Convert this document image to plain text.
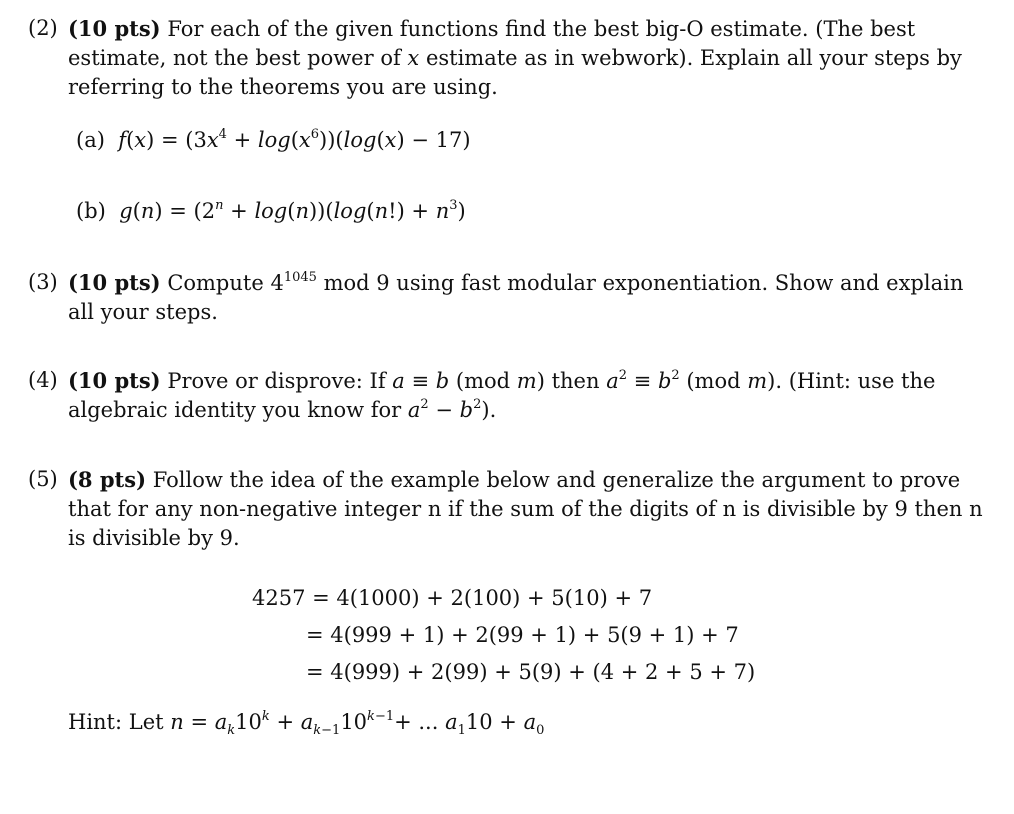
(2) (10 pts) For each of the given functions find the best big-O estimate. (The best estimate, not the best power of x estimate as in webwork). Explain all your steps by referring to the theorems you are using.
(a) $f(x) = (3x^4 + \log(x^6))(\log(x) - 17)$
(b) $g(n) = (2^n + \log(n))(\log(n!) + n^3)$
(3) (10 pts) Compute $4^{1045}$ mod 9 using fast modular exponentiation. Show and explain all your steps.
(4) (10 pts) Prove or disprove: If a ≡ b (mod m) then $a^2 \equiv b^2$ (mod m). (Hint: use the algebraic identity you know for $a^2 - b^2$).
(5) (8 pts) Follow the idea of the example below and generalize the argument to prove that for any non-negative integer n if the sum of the digits of n is divisible by 9 then n is divisible by 9.
4257 = 4(1000) + 2(100) + 5(10) + 7
= 4(999 + 1) + 2(99 + 1) + 5(9 + 1) + 7
= 4(999) + 2(99) + 5(9) + (4 + 2 + 5 + 7)
Hint: Let $n = a_k10^k + a_{k-1}10^{k-1}+$ ... $a_110 + a_0$
